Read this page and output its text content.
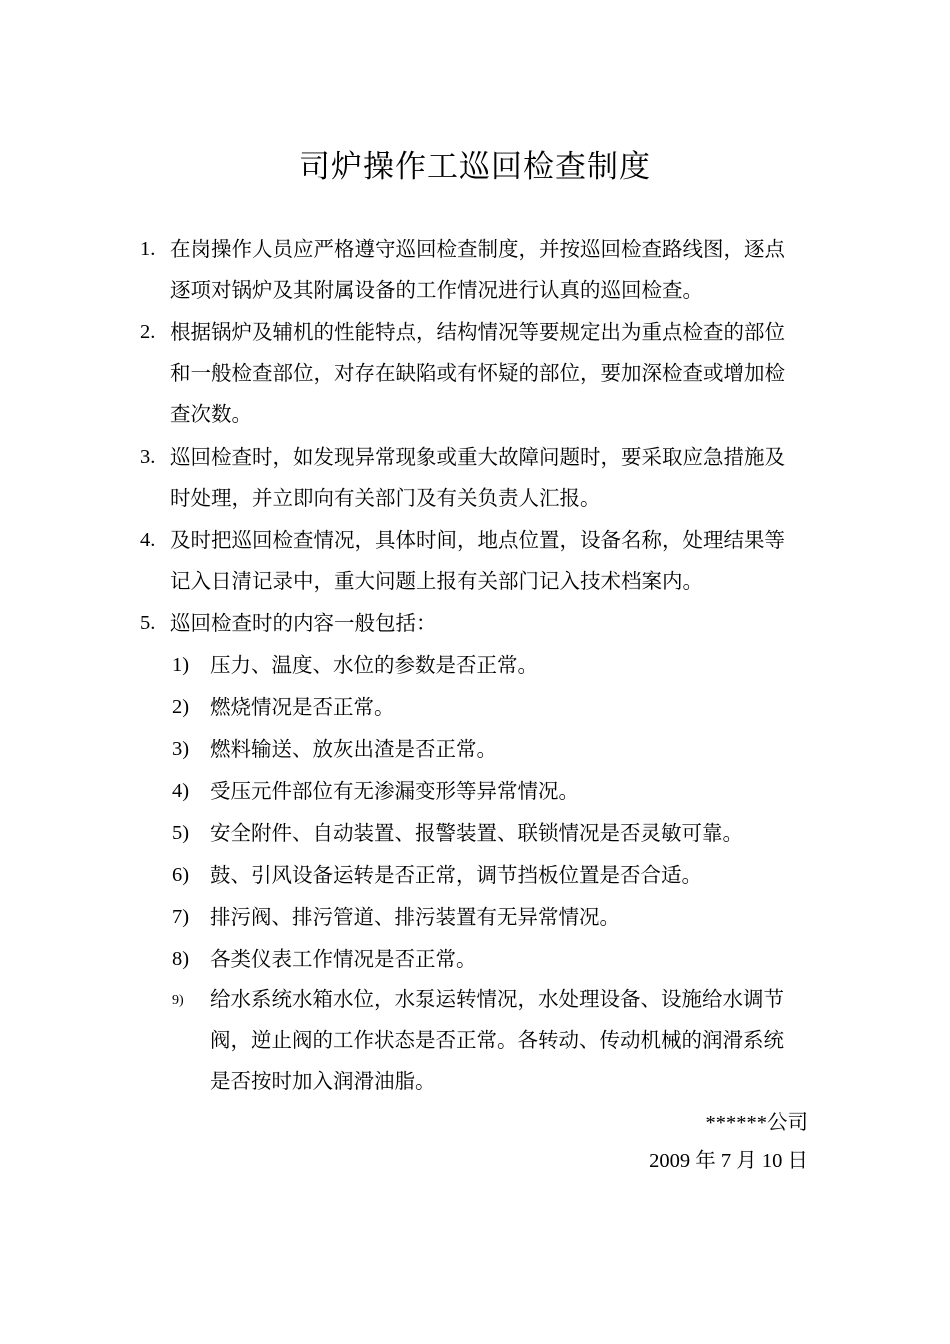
司炉操作工巡回检查制度
1. 在岗操作人员应严格遵守巡回检查制度，并按巡回检查路线图，逐点逐项对锅炉及其附属设备的工作情况进行认真的巡回检查。
2. 根据锅炉及辅机的性能特点，结构情况等要规定出为重点检查的部位和一般检查部位，对存在缺陷或有怀疑的部位，要加深检查或增加检查次数。
3. 巡回检查时，如发现异常现象或重大故障问题时，要采取应急措施及时处理，并立即向有关部门及有关负责人汇报。
4. 及时把巡回检查情况，具体时间，地点位置，设备名称，处理结果等记入日清记录中，重大问题上报有关部门记入技术档案内。
5. 巡回检查时的内容一般包括：
1) 压力、温度、水位的参数是否正常。
2) 燃烧情况是否正常。
3) 燃料输送、放灰出渣是否正常。
4) 受压元件部位有无渗漏变形等异常情况。
5) 安全附件、自动装置、报警装置、联锁情况是否灵敏可靠。
6) 鼓、引风设备运转是否正常，调节挡板位置是否合适。
7) 排污阀、排污管道、排污装置有无异常情况。
8) 各类仪表工作情况是否正常。
9) 给水系统水箱水位，水泵运转情况，水处理设备、设施给水调节阀，逆止阀的工作状态是否正常。各转动、传动机械的润滑系统是否按时加入润滑油脂。
******公司
2009 年 7 月 10 日
